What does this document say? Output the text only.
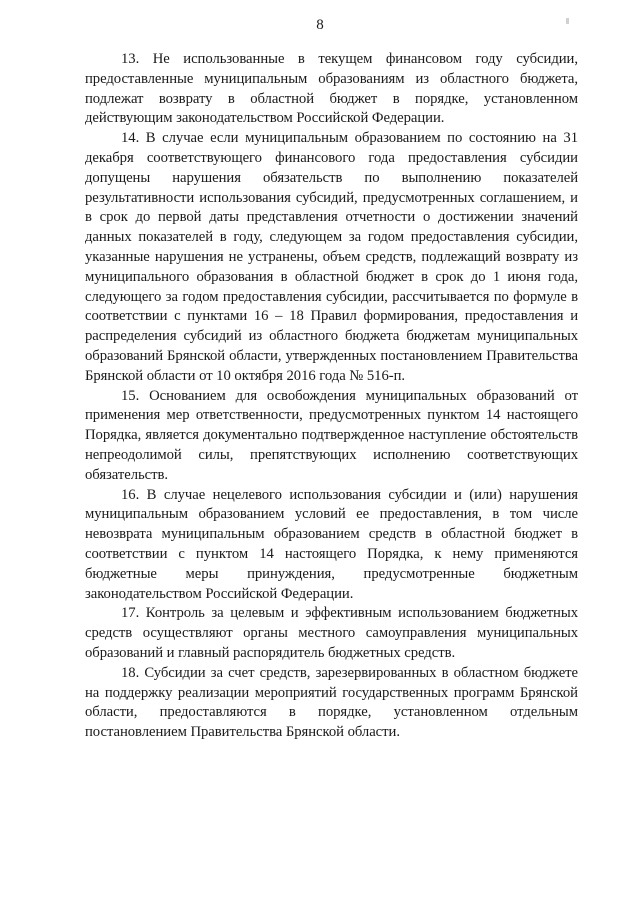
8

13. Не использованные в текущем финансовом году субсидии, предоставленные муниципальным образованиям из областного бюджета, подлежат возврату в областной бюджет в порядке, установленном действующим законодательством Российской Федерации.

14. В случае если муниципальным образованием по состоянию на 31 декабря соответствующего финансового года предоставления субсидии допущены нарушения обязательств по выполнению показателей результативности использования субсидий, предусмотренных соглашением, и в срок до первой даты представления отчетности о достижении значений данных показателей в году, следующем за годом предоставления субсидии, указанные нарушения не устранены, объем средств, подлежащий возврату из муниципального образования в областной бюджет в срок до 1 июня года, следующего за годом предоставления субсидии, рассчитывается по формуле в соответствии с пунктами 16 – 18 Правил формирования, предоставления и распределения субсидий из областного бюджета бюджетам муниципальных образований Брянской области, утвержденных постановлением Правительства Брянской области от 10 октября 2016 года № 516-п.

15. Основанием для освобождения муниципальных образований от применения мер ответственности, предусмотренных пунктом 14 настоящего Порядка, является документально подтвержденное наступление обстоятельств непреодолимой силы, препятствующих исполнению соответствующих обязательств.

16. В случае нецелевого использования субсидии и (или) нарушения муниципальным образованием условий ее предоставления, в том числе невозврата муниципальным образованием средств в областной бюджет в соответствии с пунктом 14 настоящего Порядка, к нему применяются бюджетные меры принуждения, предусмотренные бюджетным законодательством Российской Федерации.

17. Контроль за целевым и эффективным использованием бюджетных средств осуществляют органы местного самоуправления муниципальных образований и главный распорядитель бюджетных средств.

18. Субсидии за счет средств, зарезервированных в областном бюджете на поддержку реализации мероприятий государственных программ Брянской области, предоставляются в порядке, установленном отдельным постановлением Правительства Брянской области.
